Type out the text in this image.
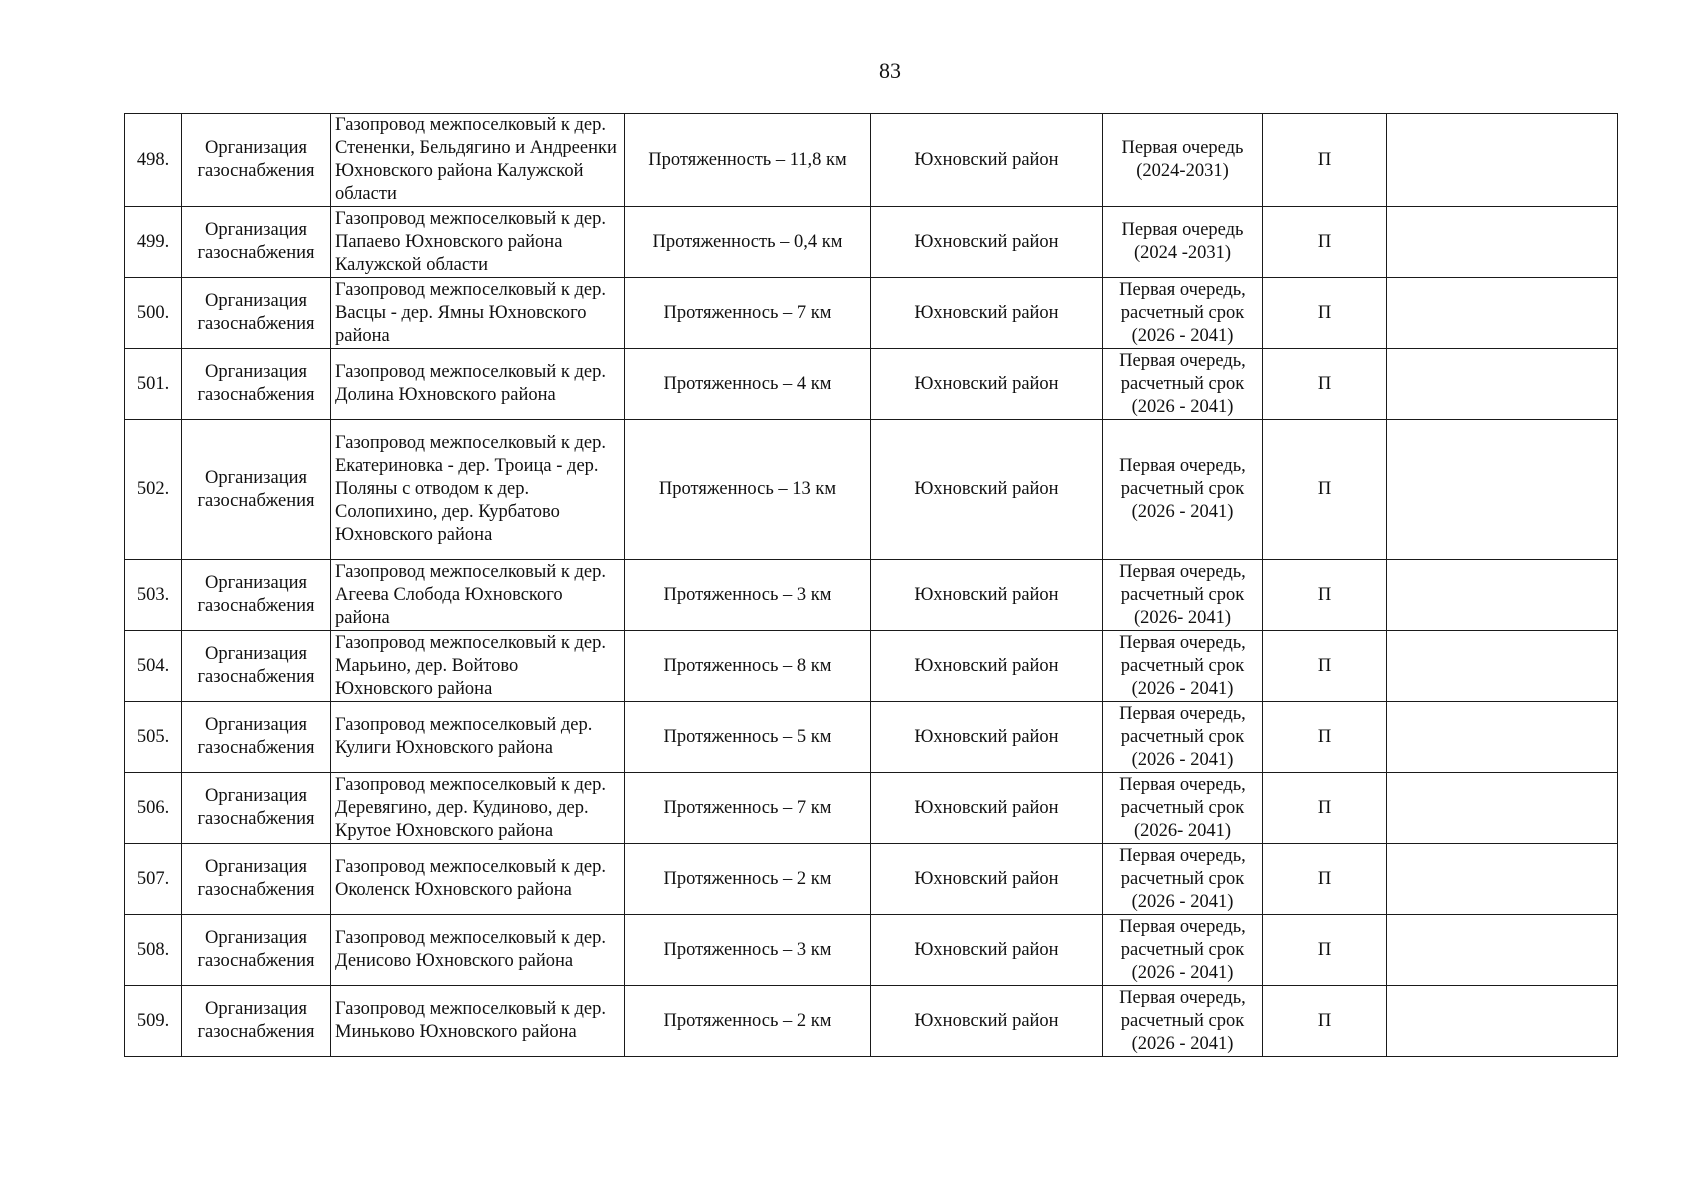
83
498.	Организация газоснабжения	Газопровод межпоселковый к дер. Стененки, Бельдягино и Андреенки Юхновского района Калужской области	Протяженность – 11,8 км	Юхновский район	Первая очередь (2024-2031)	П	
499.	Организация газоснабжения	Газопровод межпоселковый к дер. Папаево Юхновского района Калужской области	Протяженность – 0,4 км	Юхновский район	Первая очередь (2024 -2031)	П	
500.	Организация газоснабжения	Газопровод межпоселковый к дер. Васцы - дер. Ямны Юхновского района	Протяженнось – 7 км	Юхновский район	Первая очередь, расчетный срок (2026 - 2041)	П	
501.	Организация газоснабжения	Газопровод межпоселковый к дер. Долина Юхновского района	Протяженнось – 4 км	Юхновский район	Первая очередь, расчетный срок (2026 - 2041)	П	
502.	Организация газоснабжения	Газопровод межпоселковый к дер. Екатериновка - дер. Троица - дер. Поляны с отводом к дер. Солопихино, дер. Курбатово Юхновского района	Протяженнось – 13 км	Юхновский район	Первая очередь, расчетный срок (2026 - 2041)	П	
503.	Организация газоснабжения	Газопровод межпоселковый к дер. Агеева Слобода Юхновского района	Протяженнось – 3 км	Юхновский район	Первая очередь, расчетный срок (2026- 2041)	П	
504.	Организация газоснабжения	Газопровод межпоселковый к дер. Марьино, дер. Войтово Юхновского района	Протяженнось – 8 км	Юхновский район	Первая очередь, расчетный срок (2026 - 2041)	П	
505.	Организация газоснабжения	Газопровод межпоселковый дер. Кулиги Юхновского района	Протяженнось – 5 км	Юхновский район	Первая очередь, расчетный срок (2026 - 2041)	П	
506.	Организация газоснабжения	Газопровод межпоселковый к дер. Деревягино, дер. Кудиново, дер. Крутое Юхновского района	Протяженнось – 7 км	Юхновский район	Первая очередь, расчетный срок (2026- 2041)	П	
507.	Организация газоснабжения	Газопровод межпоселковый к дер. Околенск Юхновского района	Протяженнось – 2 км	Юхновский район	Первая очередь, расчетный срок (2026 - 2041)	П	
508.	Организация газоснабжения	Газопровод межпоселковый к дер. Денисово Юхновского района	Протяженнось – 3 км	Юхновский район	Первая очередь, расчетный срок (2026 - 2041)	П	
509.	Организация газоснабжения	Газопровод межпоселковый к дер. Миньково Юхновского района	Протяженнось – 2 км	Юхновский район	Первая очередь, расчетный срок (2026 - 2041)	П	
